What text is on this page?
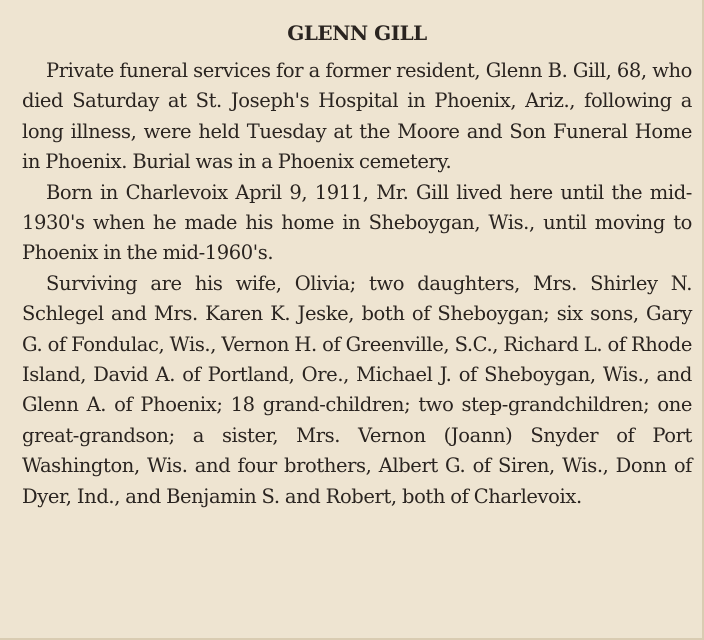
GLENN GILL

Private funeral services for a former resident, Glenn B. Gill, 68, who died Saturday at St. Joseph's Hospital in Phoenix, Ariz., following a long illness, were held Tuesday at the Moore and Son Funeral Home in Phoenix. Burial was in a Phoenix cemetery.

Born in Charlevoix April 9, 1911, Mr. Gill lived here until the mid-1930's when he made his home in Sheboygan, Wis., until moving to Phoenix in the mid-1960's.

Surviving are his wife, Olivia; two daughters, Mrs. Shirley N. Schlegel and Mrs. Karen K. Jeske, both of Sheboygan; six sons, Gary G. of Fondulac, Wis., Vernon H. of Greenville, S.C., Richard L. of Rhode Island, David A. of Portland, Ore., Michael J. of Sheboygan, Wis., and Glenn A. of Phoenix; 18 grand-children; two step-grandchildren; one great-grandson; a sister, Mrs. Vernon (Joann) Snyder of Port Washington, Wis. and four brothers, Albert G. of Siren, Wis., Donn of Dyer, Ind., and Benjamin S. and Robert, both of Charlevoix.
